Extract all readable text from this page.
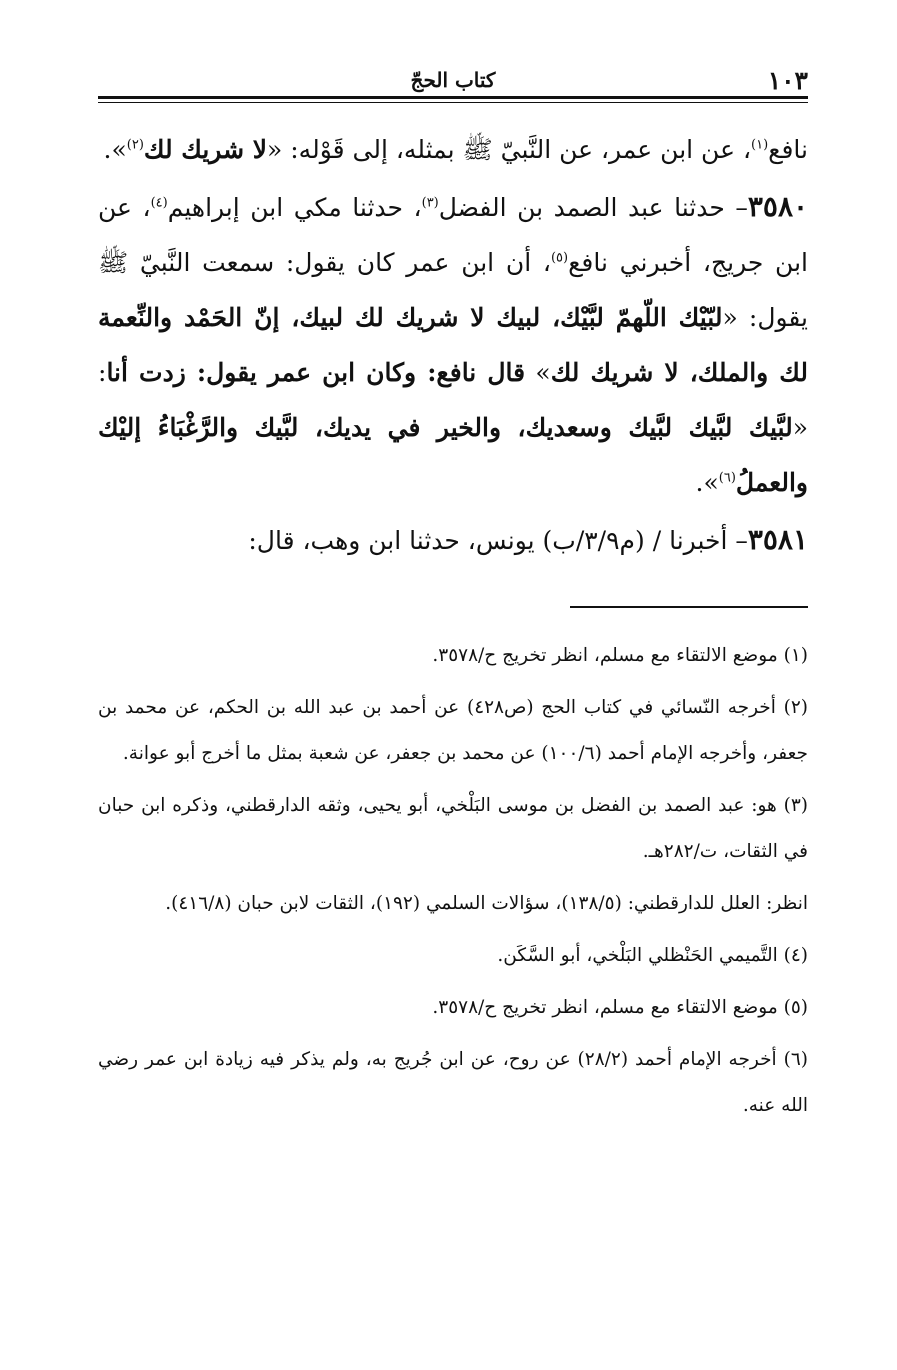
١٠٣
كتاب الحجّ

نافع$^{(١)}$، عن ابن عمر، عن النَّبيّ ﷺ بمثله، إلى قَوْله: «لا شريك لك$^{(٢)}$».

٣٥٨٠– حدثنا عبد الصمد بن الفضل$^{(٣)}$، حدثنا مكي ابن إبراهيم$^{(٤)}$، عن ابن جريج، أخبرني نافع$^{(٥)}$، أن ابن عمر كان يقول: سمعت النَّبيّ ﷺ يقول: «لبّيْك اللّهمّ لبَّيْك، لبيك لا شريك لك لبيك، إنّ الحَمْد والنِّعمة لك والملك، لا شريك لك» قال نافع: وكان ابن عمر يقول: زدت أنا: «لبَّيك لبَّيك لبَّيك وسعديك، والخير في يديك، لبَّيك والرَّغْبَاءُ إليْك والعملُ$^{(٦)}$».

٣٥٨١– أخبرنا / (م٣/٩/ب) يونس، حدثنا ابن وهب، قال:

(١) موضع الالتقاء مع مسلم، انظر تخريج ح/٣٥٧٨.

(٢) أخرجه النّسائي في كتاب الحج (ص٤٢٨) عن أحمد بن عبد الله بن الحكم، عن محمد بن جعفر، وأخرجه الإمام أحمد (١٠٠/٦) عن محمد بن جعفر، عن شعبة بمثل ما أخرج أبو عوانة.

(٣) هو: عبد الصمد بن الفضل بن موسى البَلْخي، أبو يحيى، وثقه الدارقطني، وذكره ابن حبان في الثقات، ت/٢٨٢هـ.

انظر: العلل للدارقطني: (١٣٨/٥)، سؤالات السلمي (١٩٢)، الثقات لابن حبان (٤١٦/٨).

(٤) التَّميمي الحَنْظلي البَلْخي، أبو السَّكَن.

(٥) موضع الالتقاء مع مسلم، انظر تخريج ح/٣٥٧٨.

(٦) أخرجه الإمام أحمد (٢٨/٢) عن روح، عن ابن جُريج به، ولم يذكر فيه زيادة ابن عمر رضي الله عنه.
